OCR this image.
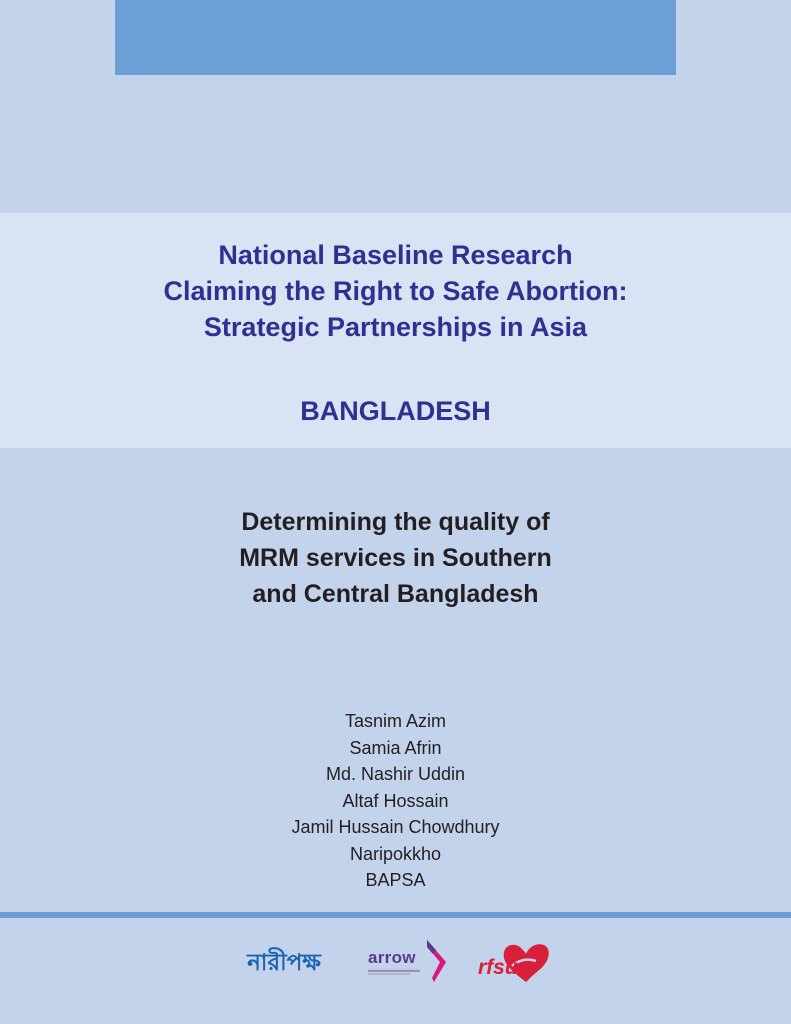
National Baseline Research
Claiming the Right to Safe Abortion:
Strategic Partnerships in Asia
BANGLADESH
Determining the quality of
MRM services in Southern
and Central Bangladesh
Tasnim Azim
Samia Afrin
Md. Nashir Uddin
Altaf Hossain
Jamil Hussain Chowdhury
Naripokkho
BAPSA
নারীপক্ষ	arrow	rfsu
